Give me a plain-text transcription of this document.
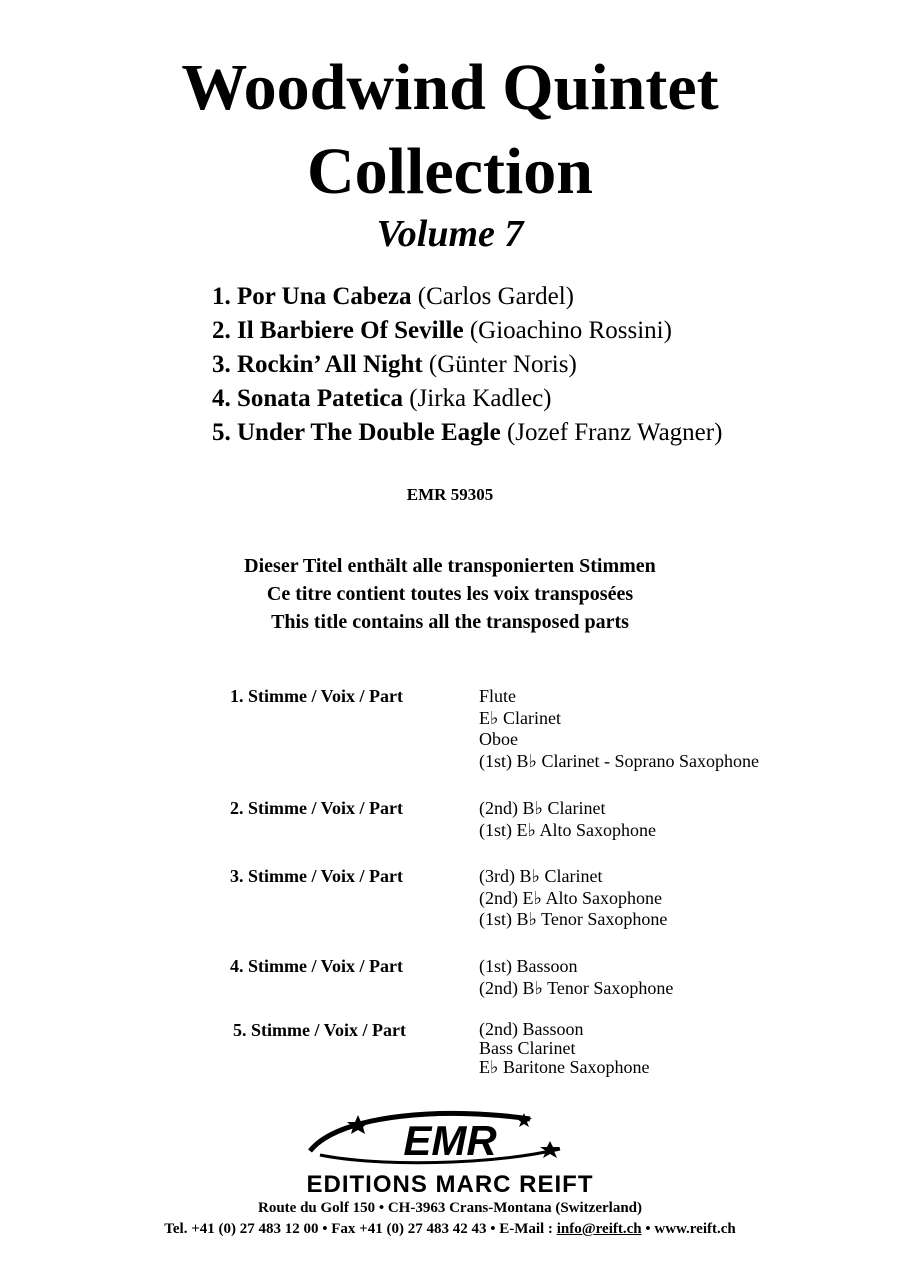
Woodwind Quintet
Collection
Volume 7
1. Por Una Cabeza (Carlos Gardel)
2. Il Barbiere Of Seville (Gioachino Rossini)
3. Rockin’ All Night (Günter Noris)
4. Sonata Patetica (Jirka Kadlec)
5. Under The Double Eagle (Jozef Franz Wagner)
EMR 59305
Dieser Titel enthält alle transponierten Stimmen
Ce titre contient toutes les voix transposées
This title contains all the transposed parts
1. Stimme / Voix / Part	Flute
E♭ Clarinet
Oboe
(1st) B♭ Clarinet - Soprano Saxophone
2. Stimme / Voix / Part	(2nd) B♭ Clarinet
(1st) E♭ Alto Saxophone
3. Stimme / Voix / Part	(3rd) B♭ Clarinet
(2nd) E♭ Alto Saxophone
(1st) B♭ Tenor Saxophone
4. Stimme / Voix / Part	(1st) Bassoon
(2nd) B♭ Tenor Saxophone
5. Stimme / Voix / Part	(2nd) Bassoon
Bass Clarinet
E♭ Baritone Saxophone
EMR
EDITIONS MARC REIFT
Route du Golf 150 • CH-3963 Crans-Montana (Switzerland)
Tel. +41 (0) 27 483 12 00 • Fax +41 (0) 27 483 42 43 • E-Mail : info@reift.ch • www.reift.ch
